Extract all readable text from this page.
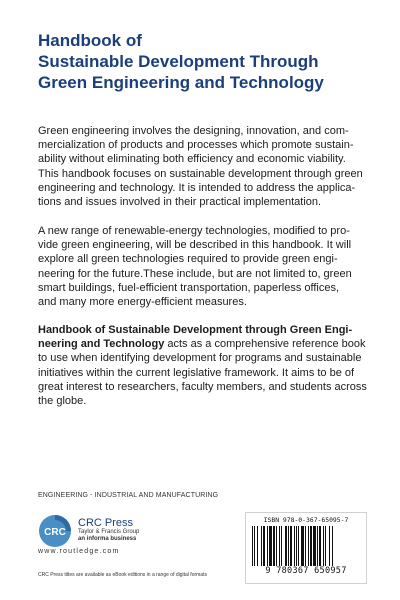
Handbook of
Sustainable Development Through
Green Engineering and Technology

Green engineering involves the designing, innovation, and com-
mercialization of products and processes which promote sustain-
ability without eliminating both efficiency and economic viability.
This handbook focuses on sustainable development through green
engineering and technology. It is intended to address the applica-
tions and issues involved in their practical implementation.

A new range of renewable-energy technologies, modified to pro-
vide green engineering, will be described in this handbook. It will
explore all green technologies required to provide green engi-
neering for the future.These include, but are not limited to, green
smart buildings, fuel-efficient transportation, paperless offices,
and many more energy-efficient measures.

Handbook of Sustainable Development through Green Engi-
neering and Technology acts as a comprehensive reference book
to use when identifying development for programs and sustainable
initiatives within the current legislative framework. It aims to be of
great interest to researchers, faculty members, and students across
the globe.

ENGINEERING - INDUSTRIAL AND MANUFACTURING
CRC
CRC Press
Taylor & Francis Group
an informa business
www.routledge.com
CRC Press titles are available as eBook editions in a range of digital formats
ISBN 978-0-367-65095-7
9 780367 650957
